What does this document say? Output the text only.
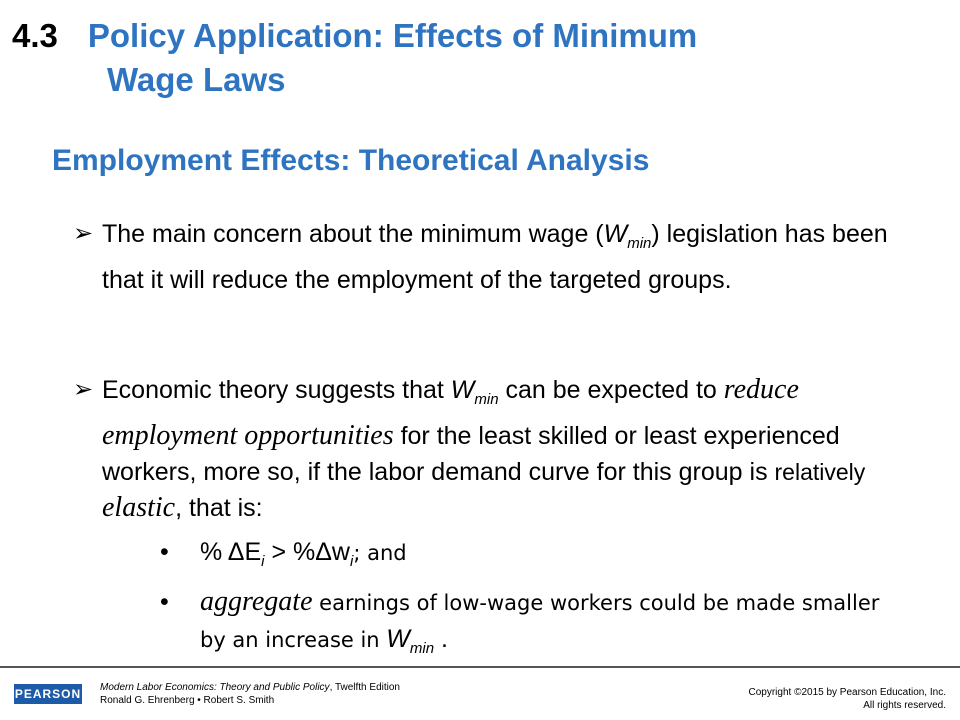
4.3 Policy Application: Effects of Minimum
Wage Laws
Employment Effects: Theoretical Analysis
➢ The main concern about the minimum wage $(W_{min})$ legislation has been that it will reduce the employment of the targeted groups.
➢ Economic theory suggests that $W_{min}$ can be expected to reduce employment opportunities for the least skilled or least experienced workers, more so, if the labor demand curve for this group is relatively elastic, that is:
• % $\Delta E_i > \%\Delta w_i$; and
• aggregate earnings of low-wage workers could be made smaller by an increase in $W_{min}$ .
PEARSON Modern Labor Economics: Theory and Public Policy, Twelfth Edition
Ronald G. Ehrenberg • Robert S. Smith
Copyright ©2015 by Pearson Education, Inc.
All rights reserved.
